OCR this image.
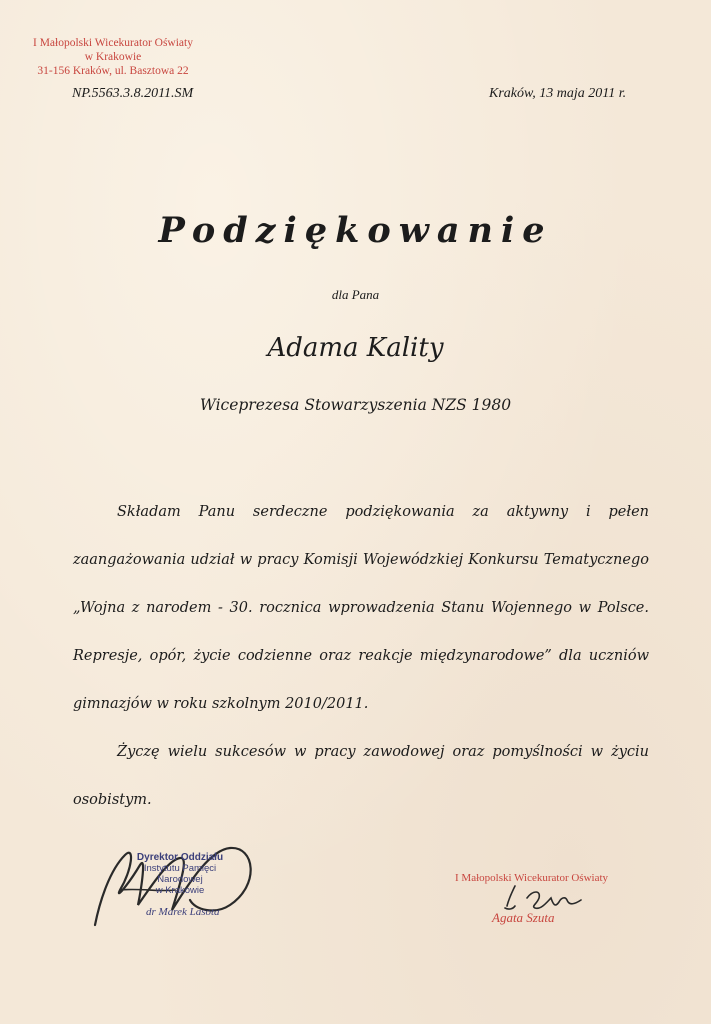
I Małopolski Wicekurator Oświaty
w Krakowie
31-156 Kraków, ul. Basztowa 22
NP.5563.3.8.2011.SM	Kraków, 13 maja 2011 r.
Podziękowanie
dla Pana
Adama Kality
Wiceprezesa Stowarzyszenia NZS 1980

Składam Panu serdeczne podziękowania za aktywny i pełen zaangażowania udział w pracy Komisji Wojewódzkiej Konkursu Tematycznego „Wojna z narodem - 30. rocznica wprowadzenia Stanu Wojennego w Polsce. Represje, opór, życie codzienne oraz reakcje międzynarodowe” dla uczniów gimnazjów w roku szkolnym 2010/2011.

Życzę wielu sukcesów w pracy zawodowej oraz pomyślności w życiu osobistym.

Dyrektor Oddziału
Instytutu Pamięci Narodowej
w Krakowie
dr Marek Lasota
I Małopolski Wicekurator Oświaty
Agata Szuta
